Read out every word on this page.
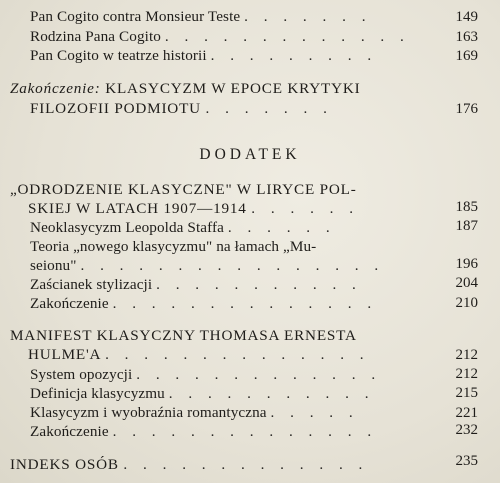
Pan Cogito contra Monsieur Teste . . . . . . .	149
Rodzina Pana Cogito . . . . . . . . . . . . .	163
Pan Cogito w teatrze historii . . . . . . . . .	169
Zakończenie: KLASYCYZM W EPOCE KRYTYKI
FILOZOFII PODMIOTU . . . . . . .	176
DODATEK
„ODRODZENIE KLASYCZNE" W LIRYCE POL-
SKIEJ W LATACH 1907—1914 . . . . . .	185
Neoklasycyzm Leopolda Staffa . . . . . .	187
Teoria „nowego klasycyzmu" na łamach „Mu-
seionu" . . . . . . . . . . . . . . . .	196
Zaścianek stylizacji . . . . . . . . . . .	204
Zakończenie . . . . . . . . . . . . . .	210
MANIFEST KLASYCZNY THOMASA ERNESTA
HULME'A . . . . . . . . . . . . . .	212
System opozycji . . . . . . . . . . . . .	212
Definicja klasycyzmu . . . . . . . . . . .	215
Klasycyzm i wyobraźnia romantyczna . . . . .	221
Zakończenie . . . . . . . . . . . . . .	232
INDEKS OSÓB . . . . . . . . . . . . .	235
